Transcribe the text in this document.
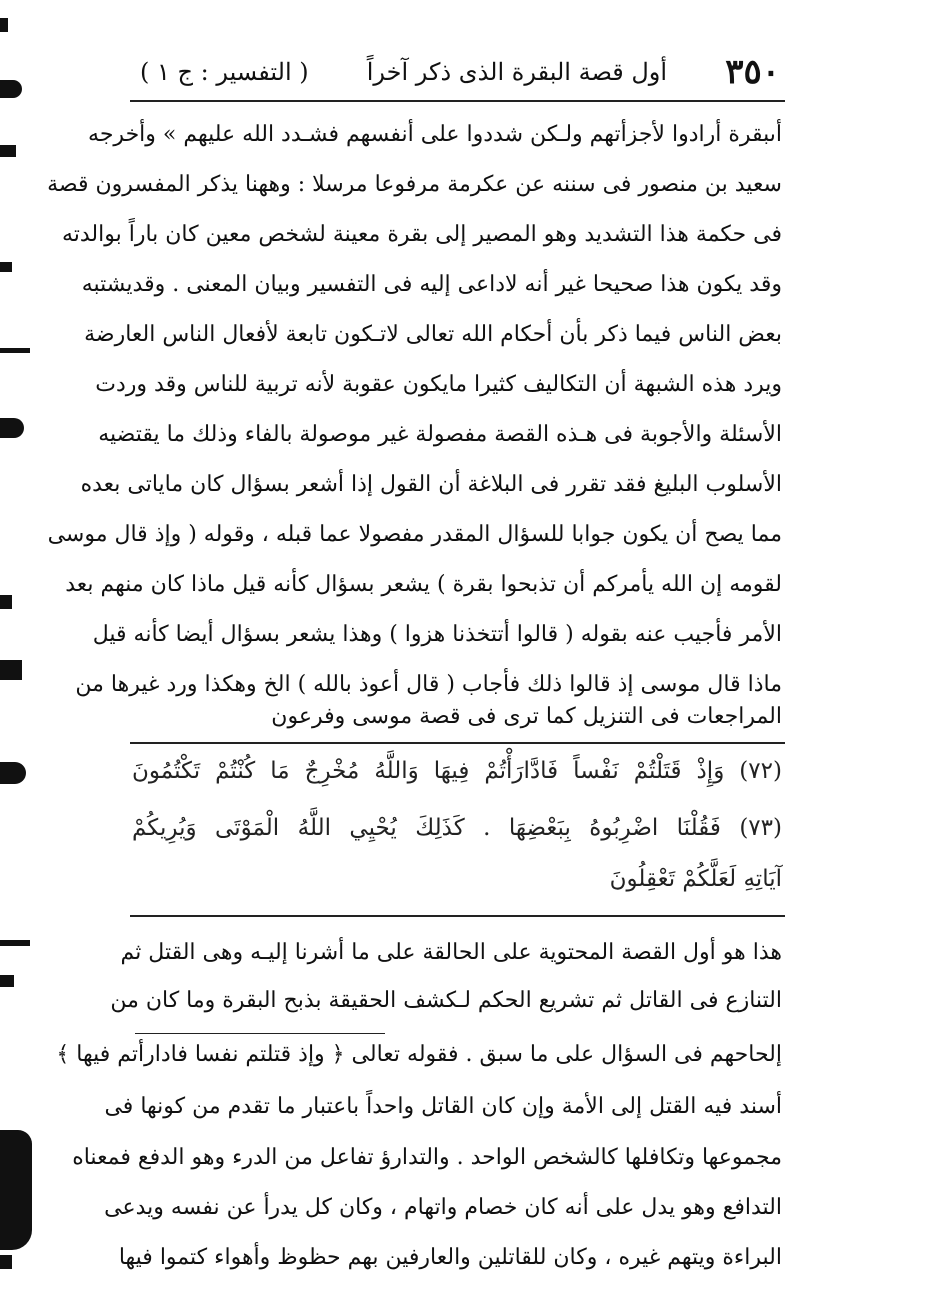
٣٥٠
أول قصة البقرة الذى ذكر آخراً
( التفسير : ج ١ )
أىبقرة أرادوا لأجزأتهم ولـكن شددوا على أنفسهم فشـدد الله عليهم » وأخرجه
سعيد بن منصور فى سننه عن عكرمة مرفوعا مرسلا : وههنا يذكر المفسرون قصة
فى حكمة هذا التشديد وهو المصير إلى بقرة معينة لشخص معين كان باراً بوالدته
وقد يكون هذا صحيحا غير أنه لاداعى إليه فى التفسير وبيان المعنى . وقديشتبه
بعض الناس فيما ذكر بأن أحكام الله تعالى لاتـكون تابعة لأفعال الناس العارضة
ويرد هذه الشبهة أن التكاليف كثيرا مايكون عقوبة لأنه تربية للناس وقد وردت
الأسئلة والأجوبة فى هـذه القصة مفصولة غير موصولة بالفاء وذلك ما يقتضيه
الأسلوب البليغ فقد تقرر فى البلاغة أن القول إذا أشعر بسؤال كان ماياتى بعده
مما يصح أن يكون جوابا للسؤال المقدر مفصولا عما قبله ، وقوله ( وإذ قال موسى
لقومه إن الله يأمركم أن تذبحوا بقرة ) يشعر بسؤال كأنه قيل ماذا كان منهم بعد
الأمر فأجيب عنه بقوله ( قالوا أتتخذنا هزوا ) وهذا يشعر بسؤال أيضا كأنه قيل
ماذا قال موسى إذ قالوا ذلك فأجاب ( قال أعوذ بالله ) الخ وهكذا ورد غيرها من
المراجعات فى التنزيل كما ترى فى قصة موسى وفرعون
(٧٢) وَإِذْ قَتَلْتُمْ نَفْساً فَادَّارَأْتُمْ فِيهَا وَاللَّهُ مُخْرِجٌ مَا كُنْتُمْ تَكْتُمُونَ
(٧٣) فَقُلْنَا اضْرِبُوهُ بِبَعْضِهَا . كَذَلِكَ يُحْيِي اللَّهُ الْمَوْتَى وَيُرِيكُمْ
آيَاتِهِ لَعَلَّكُمْ تَعْقِلُونَ
هذا هو أول القصة المحتوية على الحالقة على ما أشرنا إليـه وهى القتل ثم
التنازع فى القاتل ثم تشريع الحكم لـكشف الحقيقة بذبح البقرة وما كان من
إلحاحهم فى السؤال على ما سبق . فقوله تعالى ﴿ وإذ قتلتم نفسا فادارأتم فيها ﴾
أسند فيه القتل إلى الأمة وإن كان القاتل واحداً باعتبار ما تقدم من كونها فى
مجموعها وتكافلها كالشخص الواحد . والتدارؤ تفاعل من الدرء وهو الدفع فمعناه
التدافع وهو يدل على أنه كان خصام واتهام ، وكان كل يدرأ عن نفسه ويدعى
البراءة ويتهم غيره ، وكان للقاتلين والعارفين بهم حظوظ وأهواء كتموا فيها
